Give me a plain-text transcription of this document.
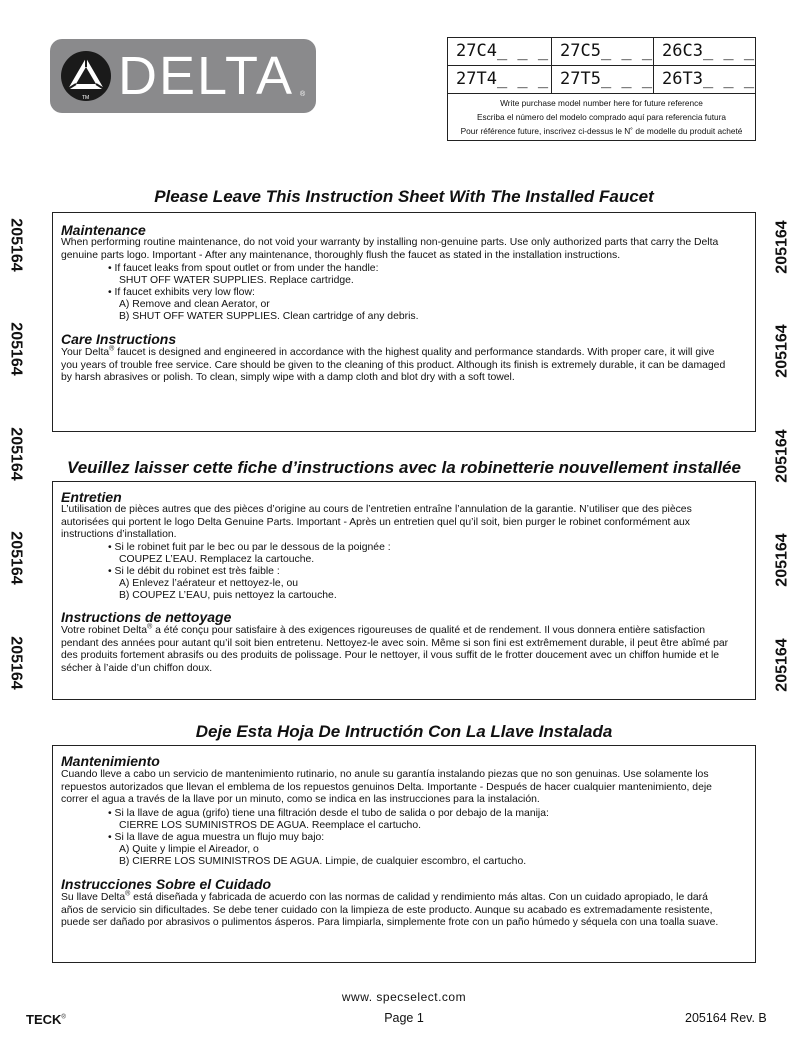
DELTA
TM	®
27C4_ _ _ 27C5_ _ _ 26C3_ _ _
27T4_ _ _ 27T5_ _ _ 26T3_ _ _
Write purchase model number here for future reference
Escriba el número del modelo comprado aquí para referencia futura
Pour référence future, inscrivez ci-dessus le N˚ de modelle du produit acheté
205164
205164
205164
205164
205164
205164
205164
205164
205164
205164
Please Leave This Instruction Sheet With The Installed Faucet
Maintenance
When performing routine maintenance, do not void your warranty by installing non-genuine parts. Use only authorized parts that carry the Delta genuine parts logo. Important - After any maintenance, thoroughly flush the faucet as stated in the installation instructions.
• If faucet leaks from spout outlet or from under the handle:
SHUT OFF WATER SUPPLIES. Replace cartridge.
• If faucet exhibits very low flow:
A) Remove and clean Aerator, or
B) SHUT OFF WATER SUPPLIES. Clean cartridge of any debris.
Care Instructions
Your Delta® faucet is designed and engineered in accordance with the highest quality and performance standards. With proper care, it will give you years of trouble free service. Care should be given to the cleaning of this product. Although its finish is extremely durable, it can be damaged by harsh abrasives or polish. To clean, simply wipe with a damp cloth and blot dry with a soft towel.
Veuillez laisser cette fiche d’instructions avec la robinetterie nouvellement installée
Entretien
L’utilisation de pièces autres que des pièces d’origine au cours de l’entretien entraîne l’annulation de la garantie. N’utiliser que des pièces autorisées qui portent le logo Delta Genuine Parts. Important - Après un entretien quel qu’il soit, bien purger le robinet conformément aux instructions d’installation.
• Si le robinet fuit par le bec ou par le dessous de la poignée :
COUPEZ L’EAU. Remplacez la cartouche.
• Si le débit du robinet est très faible :
A) Enlevez l’aérateur et nettoyez-le, ou
B) COUPEZ L’EAU, puis nettoyez la cartouche.
Instructions de nettoyage
Votre robinet Delta® a été conçu pour satisfaire à des exigences rigoureuses de qualité et de rendement. Il vous donnera entière satisfaction pendant des années pour autant qu’il soit bien entretenu. Nettoyez-le avec soin. Même si son fini est extrêmement durable, il peut être abîmé par des produits fortement abrasifs ou des produits de polissage. Pour le nettoyer, il vous suffit de le frotter doucement avec un chiffon humide et le sécher à l’aide d’un chiffon doux.
Deje Esta Hoja De Intructión Con La Llave Instalada
Mantenimiento
Cuando lleve a cabo un servicio de mantenimiento rutinario, no anule su garantía instalando piezas que no son genuinas. Use solamente los repuestos autorizados que llevan el emblema de los repuestos genuinos Delta. Importante - Después de hacer cualquier mantenimiento, deje correr el agua a través de la llave por un minuto, como se indica en las instrucciones para la instalación.
• Si la llave de agua (grifo) tiene una filtración desde el tubo de salida o por debajo de la manija:
CIERRE LOS SUMINISTROS DE AGUA. Reemplace el cartucho.
• Si la llave de agua muestra un flujo muy bajo:
A) Quite y limpie el Aireador, o
B) CIERRE LOS SUMINISTROS DE AGUA. Limpie, de cualquier escombro, el cartucho.
Instrucciones Sobre el Cuidado
Su llave Delta® está diseñada y fabricada de acuerdo con las normas de calidad y rendimiento más altas. Con un cuidado apropiado, le dará años de servicio sin dificultades. Se debe tener cuidado con la limpieza de este producto. Aunque su acabado es extremadamente resistente, puede ser dañado por abrasivos o pulimentos ásperos. Para limpiarla, simplemente frote con un paño húmedo y séquela con una toalla suave.
www. specselect.com
Page 1
TECK®	205164 Rev. B
